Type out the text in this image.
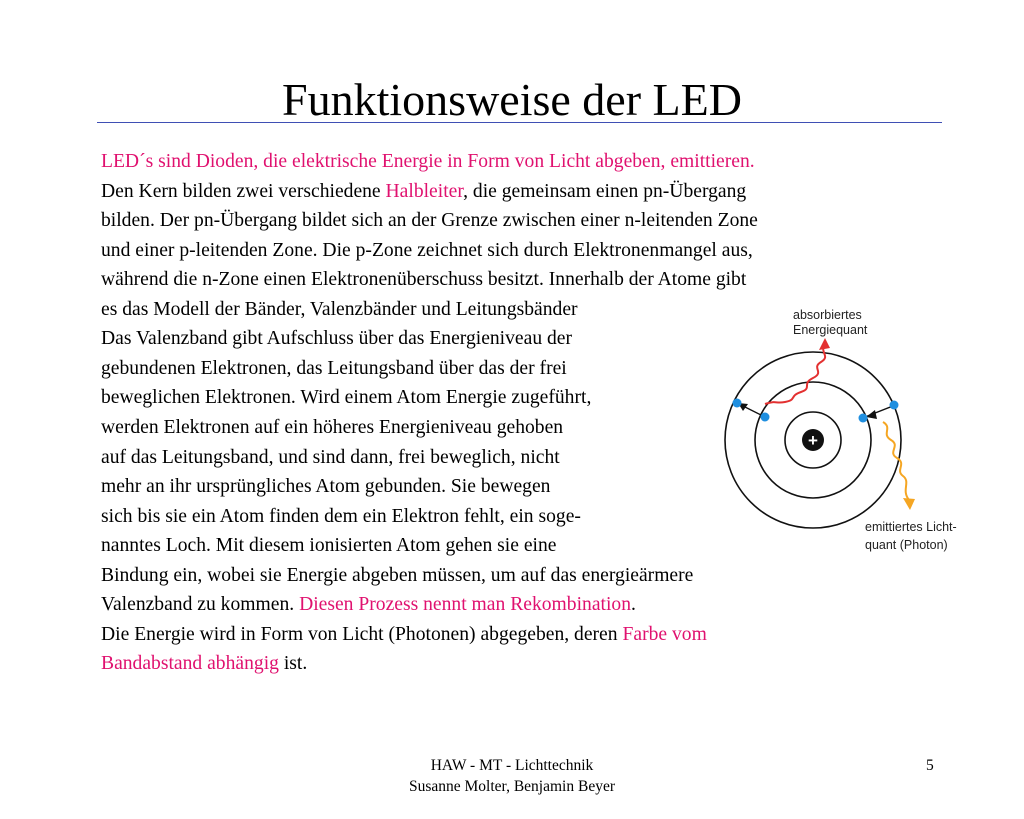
Funktionsweise der LED
LED´s sind Dioden, die elektrische Energie in Form von Licht abgeben, emittieren.
Den Kern bilden zwei verschiedene Halbleiter, die gemeinsam einen pn-Übergang
bilden. Der pn-Übergang bildet sich an der Grenze zwischen einer n-leitenden Zone
und einer p-leitenden Zone. Die p-Zone zeichnet sich durch Elektronenmangel aus,
während die n-Zone einen Elektronenüberschuss besitzt. Innerhalb der Atome gibt
es das Modell der Bänder, Valenzbänder und Leitungsbänder
Das Valenzband gibt Aufschluss über das Energieniveau der
gebundenen Elektronen, das Leitungsband über das der frei
beweglichen Elektronen. Wird einem Atom Energie zugeführt,
werden Elektronen auf ein höheres Energieniveau gehoben
auf das Leitungsband, und sind dann, frei beweglich, nicht
mehr an ihr ursprüngliches Atom gebunden. Sie bewegen
sich bis sie ein Atom finden dem ein Elektron fehlt, ein soge-
nanntes Loch. Mit diesem ionisierten Atom gehen sie eine
Bindung ein, wobei sie Energie abgeben müssen, um auf das energieärmere
Valenzband zu kommen. Diesen Prozess nennt man Rekombination.
Die Energie wird in Form von Licht (Photonen) abgegeben, deren Farbe vom
Bandabstand abhängig ist.
+
absorbiertes
Energiequant
emittiertes Licht-
quant (Photon)
HAW - MT - Lichttechnik
Susanne Molter, Benjamin Beyer
5
